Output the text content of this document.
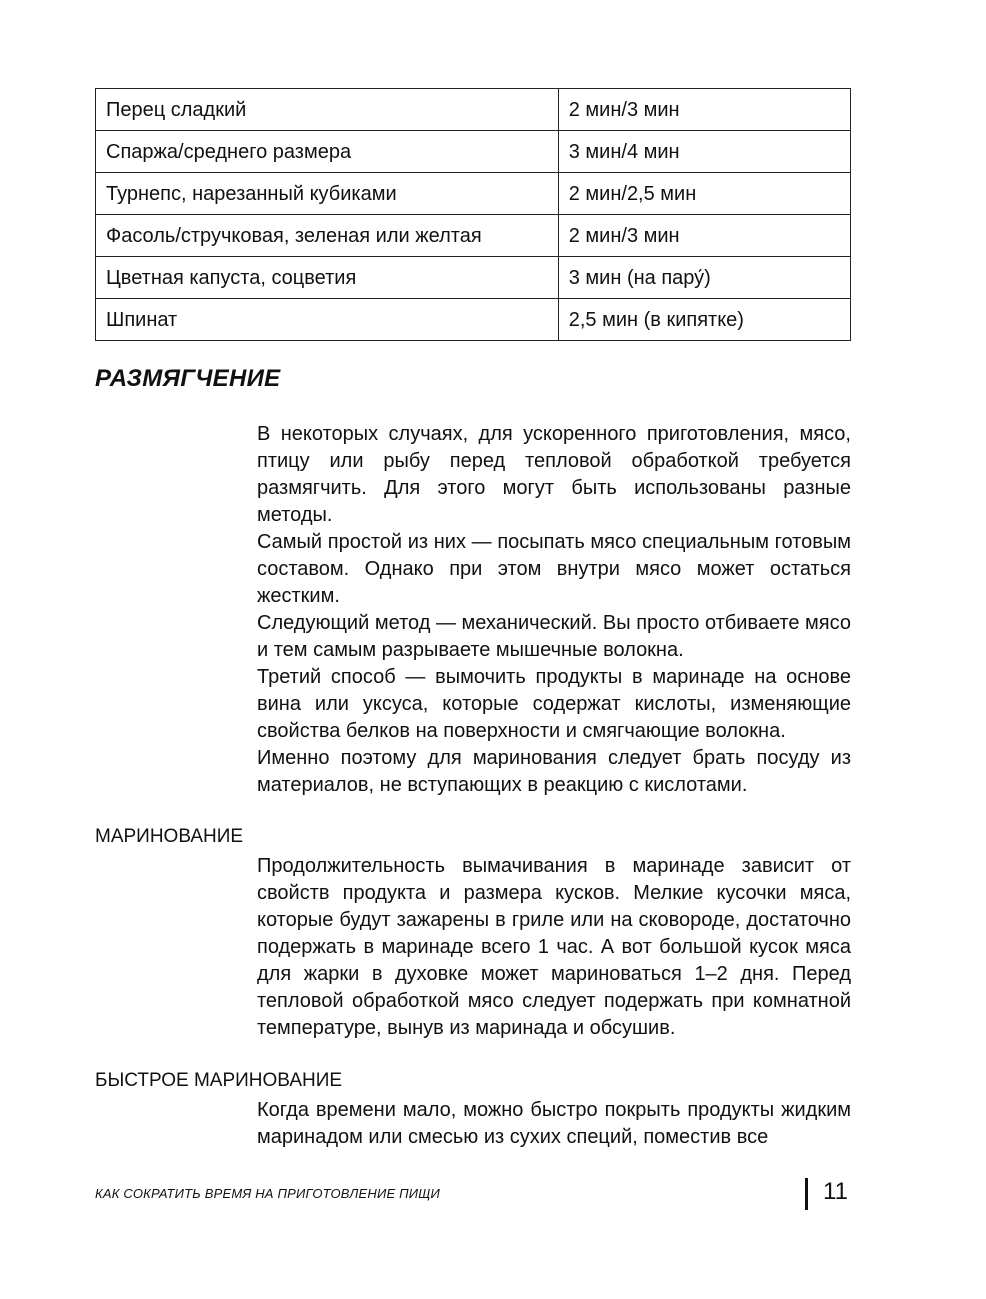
Перец сладкий	2 мин/3 мин
Спаржа/среднего размера	3 мин/4 мин
Турнепс, нарезанный кубиками	2 мин/2,5 мин
Фасоль/стручковая, зеленая или желтая	2 мин/3 мин
Цветная капуста, соцветия	3 мин (на пару́)
Шпинат	2,5 мин (в кипятке)
РАЗМЯГЧЕНИЕ

В некоторых случаях, для ускоренного приготовления, мясо, птицу или рыбу перед тепловой обработкой требуется размягчить. Для этого могут быть использованы разные методы.

Самый простой из них — посыпать мясо специальным готовым составом. Однако при этом внутри мясо может остаться жестким.

Следующий метод — механический. Вы просто отбиваете мясо и тем самым разрываете мышечные волокна.

Третий способ — вымочить продукты в маринаде на основе вина или уксуса, которые содержат кислоты, изменяющие свойства белков на поверхности и смягчающие волокна.

Именно поэтому для маринования следует брать посуду из материалов, не вступающих в реакцию с кислотами.

МАРИНОВАНИЕ

Продолжительность вымачивания в маринаде зависит от свойств продукта и размера кусков. Мелкие кусочки мяса, которые будут зажарены в гриле или на сковороде, достаточно подержать в маринаде всего 1 час. А вот большой кусок мяса для жарки в духовке может мариноваться 1–2 дня. Перед тепловой обработкой мясо следует подержать при комнатной температуре, вынув из маринада и обсушив.

БЫСТРОЕ МАРИНОВАНИЕ

Когда времени мало, можно быстро покрыть продукты жидким маринадом или смесью из сухих специй, поместив все

КАК СОКРАТИТЬ ВРЕМЯ НА ПРИГОТОВЛЕНИЕ ПИЩИ	11
